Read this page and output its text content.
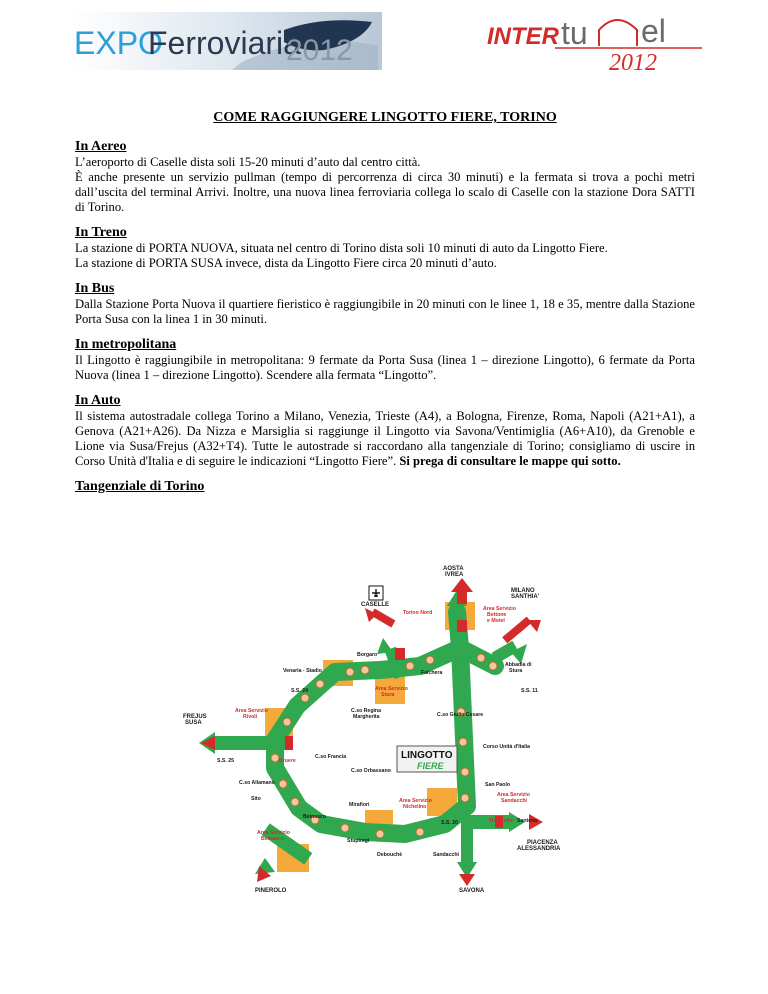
EXPO
Ferroviaria
2012	INTER tu el
2012

COME RAGGIUNGERE LINGOTTO FIERE, TORINO

In Aereo

L’aeroporto di Caselle dista soli 15-20 minuti d’auto dal centro città.
È anche presente un servizio pullman (tempo di percorrenza di circa 30 minuti) e la fermata si trova a pochi metri dall’uscita del terminal Arrivi. Inoltre, una nuova linea ferroviaria collega lo scalo di Caselle con la stazione Dora SATTI di Torino.

In Treno

La stazione di PORTA NUOVA, situata nel centro di Torino dista soli 10 minuti di auto da Lingotto Fiere.
La stazione di PORTA SUSA invece, dista da Lingotto Fiere circa 20 minuti d’auto.

In Bus

Dalla Stazione Porta Nuova il quartiere fieristico è raggiungibile in 20 minuti con le linee 1, 18 e 35, mentre dalla Stazione Porta Susa con la linea 1 in 30 minuti.

In metropolitana

Il Lingotto è raggiungibile in metropolitana: 9 fermate da Porta Susa (linea 1 – direzione Lingotto), 6 fermate da Porta Nuova (linea 1 – direzione Lingotto). Scendere alla fermata “Lingotto”.

In Auto

Il sistema autostradale collega Torino a Milano, Venezia, Trieste (A4), a Bologna, Firenze, Roma, Napoli (A21+A1), a Genova (A21+A26). Da Nizza e Marsiglia si raggiunge il Lingotto via Savona/Ventimiglia (A6+A10), da Grenoble e Lione via Susa/Frejus (A32+T4). Tutte le autostrade si raccordano alla tangenziale di Torino; consigliamo di uscire in Corso Unità d'Italia e di seguire le indicazioni “Lingotto Fiere”. Si prega di consultare le mappe qui sotto.

Tangenziale di Torino

LINGOTTO
FIERE
AOSTA
IVREA
MILANO
SANTHIA'
CASELLE
Torino Nord
Area Servizio
Bettone
e Motel
Borgaro
Falchera
Venaria - Stadio
Abbadia di
Stura
S.S. 24	Area Servizio
Stura
S.S. 11
FREJUS
SUSA
Area Servizio
Rivoli
C.so Regina
Margherita	C.so Giulio Cesare
S.S. 25	Bruere
C.so Francia
Corso Unità d'Italia
C.so Allamano
C.so Orbassano
Sito
San Paolo
Area Servizio
Sandacchi
Mirafiori
Area Servizio
Nichelino
Beinasco
S.S. 20	Trofarello Santena
Area Servizio
Beinasco	Stupinigi	PIACENZA
ALESSANDRIA
Debouchè	Sandacchi
PINEROLO	SAVONA
